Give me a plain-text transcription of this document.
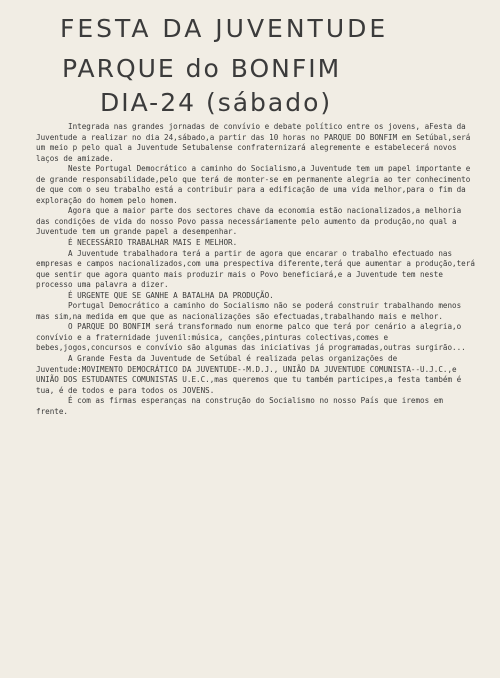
FESTA DA JUVENTUDE
PARQUE do BONFIM
DIA-24 (sábado)

Integrada nas grandes jornadas de convívio e debate político entre os jovens, aFesta da Juventude a realizar no dia 24,sábado,a partir das 10 horas no PARQUE DO BONFIM em Setúbal,será um meio p pelo qual a Juventude Setubalense confraternizará alegremente e estabelecerá novos laços de amizade.

Neste Portugal Democrático a caminho do Socialismo,a Juventude tem um papel importante e de grande responsabilidade,pelo que terá de monter-se em permanente alegria ao ter conhecimento de que com o seu trabalho está a contribuir para a edificação de uma vida melhor,para o fim da exploração do homem pelo homem.

Agora que a maior parte dos sectores chave da economia estão nacionalizados,a melhoria das condições de vida do nosso Povo passa necessáriamente pelo aumento da produção,no qual a Juventude tem um grande papel a desempenhar.

É NECESSÁRIO TRABALHAR MAIS E MELHOR.

A Juventude trabalhadora terá a partir de agora que encarar o trabalho efectuado nas empresas e campos nacionalizados,com uma prespectiva diferente,terá que aumentar a produção,terá que sentir que agora quanto mais produzir mais o Povo beneficiará,e a Juventude tem neste processo uma palavra a dizer.

É URGENTE QUE SE GANHE A BATALHA DA PRODUÇÃO.

Portugal Democrático a caminho do Socialismo não se poderá construir trabalhando menos mas sim,na medida em que que as nacionalizações são efectuadas,trabalhando mais e melhor.

O PARQUE DO BONFIM será transformado num enorme palco que terá por cenário a alegria,o convívio e a fraternidade juvenil:música, canções,pinturas colectivas,comes e bebes,jogos,concursos e convívio são algumas das iniciativas já programadas,outras surgirão...

A Grande Festa da Juventude de Setúbal é realizada pelas organizações de Juventude:MOVIMENTO DEMOCRÁTICO DA JUVENTUDE--M.D.J., UNIÃO DA JUVENTUDE COMUNISTA--U.J.C.,e UNIÃO DOS ESTUDANTES COMUNISTAS U.E.C.,mas queremos que tu também participes,a festa também é tua, é de todos e para todos os JOVENS.

É com as firmas esperanças na construção do Socialismo no nosso País que iremos em frente.
